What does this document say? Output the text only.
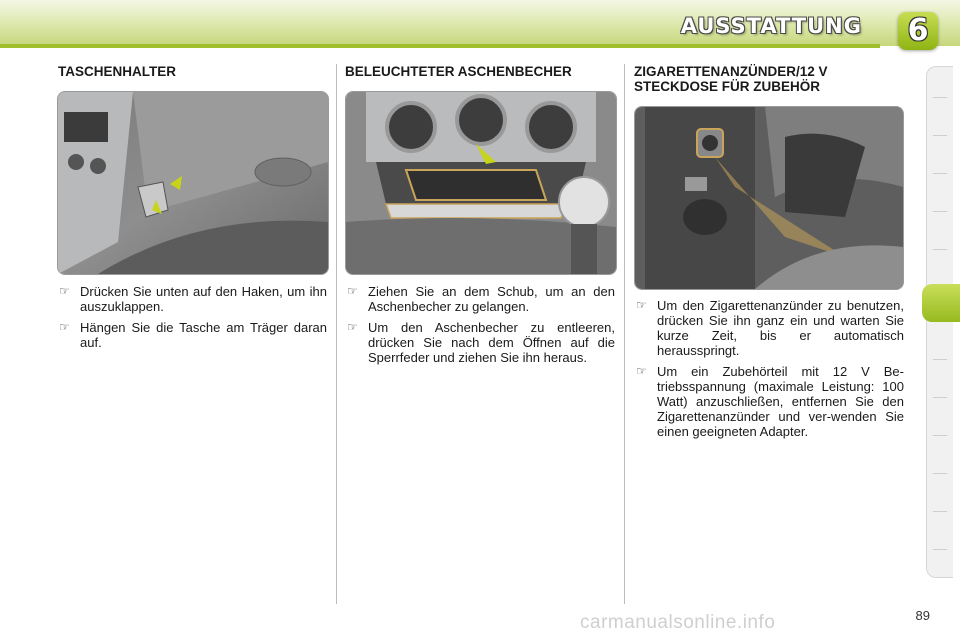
AUSSTATTUNG	6
TASCHENHALTER
☞ Drücken Sie unten auf den Haken, um ihn auszuklappen.
☞ Hängen Sie die Tasche am Träger daran auf.
BELEUCHTETER ASCHENBECHER
☞ Ziehen Sie an dem Schub, um an den Aschenbecher zu gelangen.
☞ Um den Aschenbecher zu entleeren, drücken Sie nach dem Öffnen auf die Sperrfeder und ziehen Sie ihn heraus.
ZIGARETTENANZÜNDER/12 V STECKDOSE FÜR ZUBEHÖR
☞ Um den Zigarettenanzünder zu benutzen, drücken Sie ihn ganz ein und warten Sie kurze Zeit, bis er automatisch herausspringt.
☞ Um ein Zubehörteil mit 12 V Be-triebsspannung (maximale Leistung: 100 Watt) anzuschließen, entfernen Sie den Zigarettenanzünder und ver-wenden Sie einen geeigneten Adapter.
carmanualsonline.info	89
